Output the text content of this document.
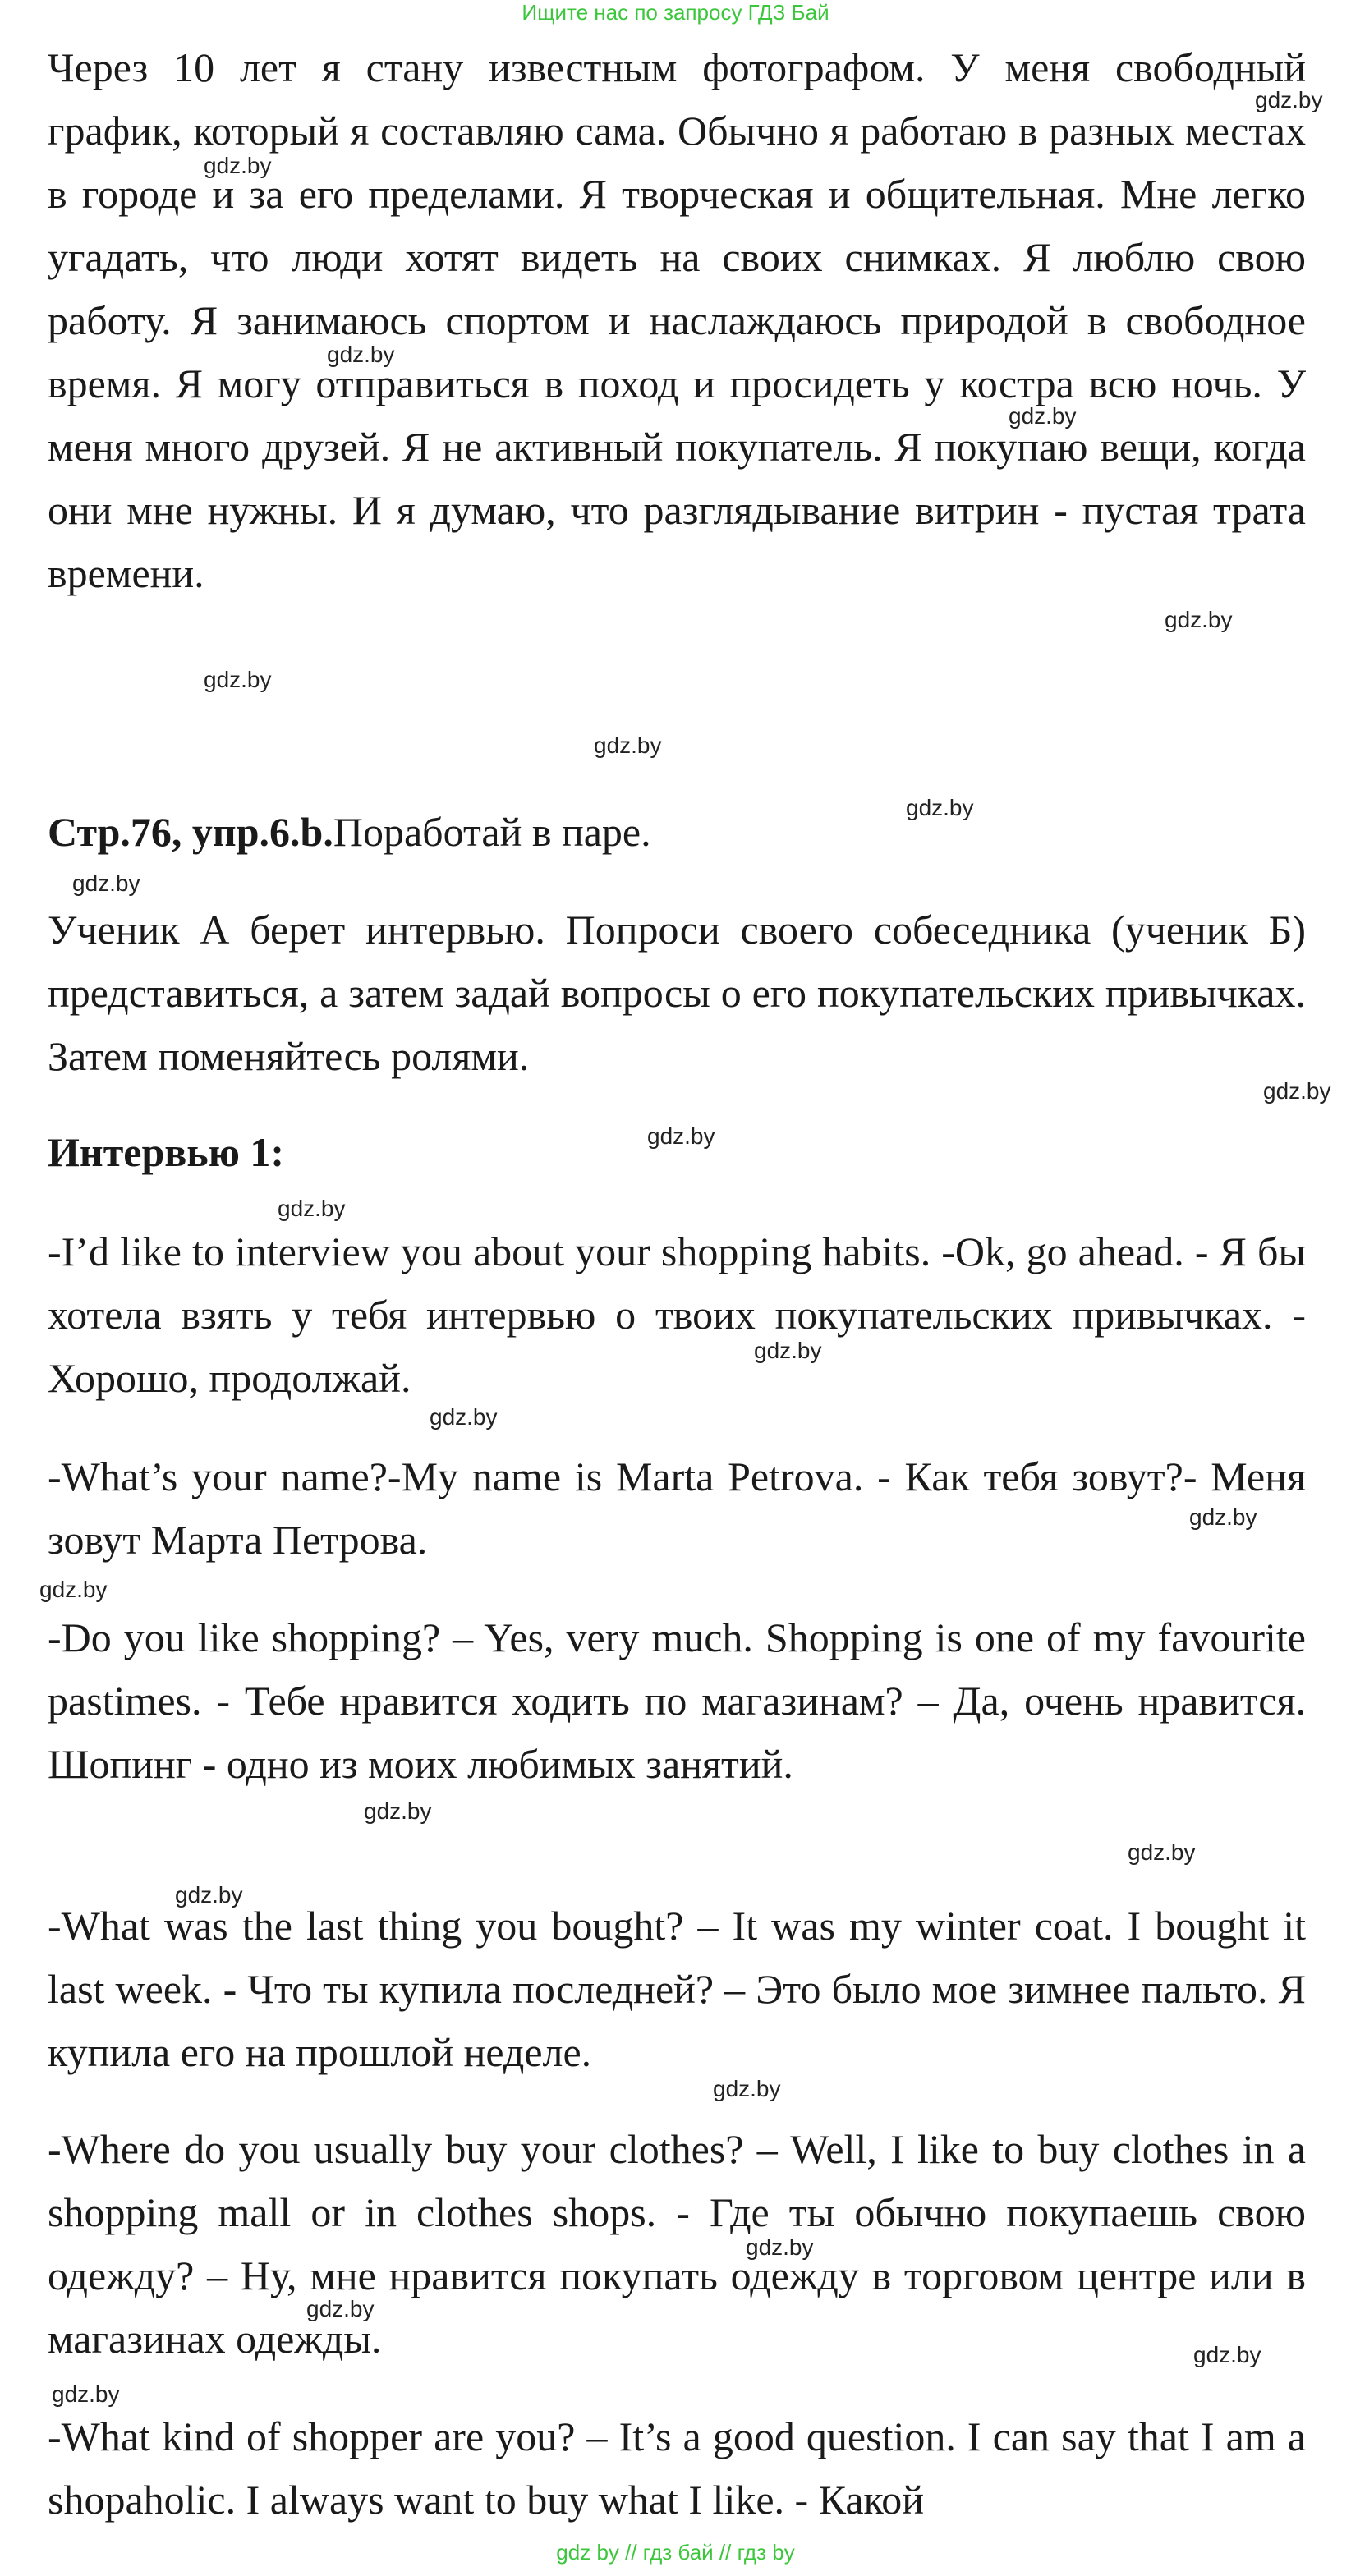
Ищите нас по запросу ГДЗ Бай
Через 10 лет я стану известным фотографом. У меня свободный график, который я составляю сама. Обычно я работаю в разных местах в городе и за его пределами. Я творческая и общительная. Мне легко угадать, что люди хотят видеть на своих снимках. Я люблю свою работу. Я занимаюсь спортом и наслаждаюсь природой в свободное время. Я могу отправиться в поход и просидеть у костра всю ночь. У меня много друзей. Я не активный покупатель. Я покупаю вещи, когда они мне нужны. И я думаю, что разглядывание витрин - пустая трата времени.
Стр.76, упр.6.b.Поработай в паре.
Ученик А берет интервью. Попроси своего собеседника (ученик Б) представиться, а затем задай вопросы о его покупательских привычках. Затем поменяйтесь ролями.
Интервью 1:
-I’d like to interview you about your shopping habits. -Ok, go ahead. - Я бы хотела взять у тебя интервью о твоих покупательских привычках. - Хорошо, продолжай.
-What’s your name?-My name is Marta Petrova. - Как тебя зовут?- Меня зовут Марта Петрова.
-Do you like shopping? – Yes, very much. Shopping is one of my favourite pastimes. - Тебе нравится ходить по магазинам? – Да, очень нравится. Шопинг - одно из моих любимых занятий.
-What was the last thing you bought? – It was my winter coat. I bought it last week. - Что ты купила последней? – Это было мое зимнее пальто. Я купила его на прошлой неделе.
-Where do you usually buy your clothes? – Well, I like to buy clothes in a shopping mall or in clothes shops. - Где ты обычно покупаешь свою одежду? – Ну, мне нравится покупать одежду в торговом центре или в магазинах одежды.
-What kind of shopper are you? – It’s a good question. I can say that I am a shopaholic. I always want to buy what I like. - Какой
gdz.by
gdz.by
gdz.by
gdz.by
gdz.by
gdz.by
gdz.by
gdz.by
gdz.by
gdz.by
gdz.by
gdz.by
gdz.by
gdz.by
gdz.by
gdz.by
gdz.by
gdz.by
gdz.by
gdz.by
gdz.by
gdz.by
gdz.by
gdz.by
gdz by // гдз бай // гдз by
